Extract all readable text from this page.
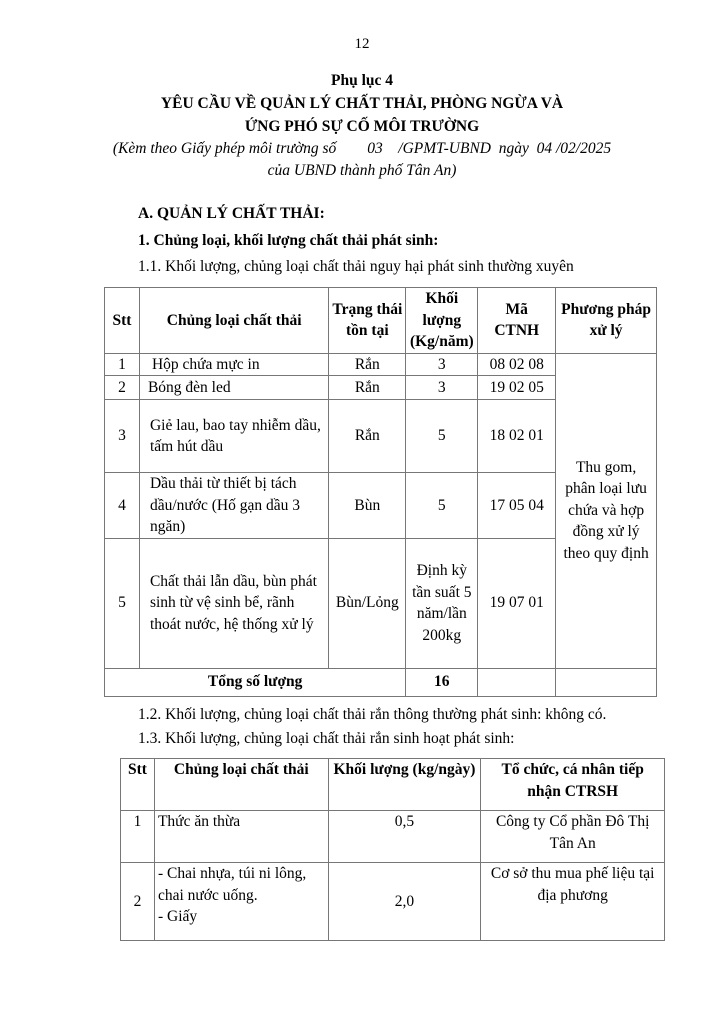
12
Phụ lục 4
YÊU CẦU VỀ QUẢN LÝ CHẤT THẢI, PHÒNG NGỪA VÀ
ỨNG PHÓ SỰ CỐ MÔI TRƯỜNG
(Kèm theo Giấy phép môi trường số        03    /GPMT-UBND  ngày  04 /02/2025
của UBND thành phố Tân An)
A. QUẢN LÝ CHẤT THẢI:
1. Chủng loại, khối lượng chất thải phát sinh:
1.1. Khối lượng, chủng loại chất thải nguy hại phát sinh thường xuyên
Stt	Chủng loại chất thải	Trạng thái tồn tại	Khối lượng (Kg/năm)	Mã CTNH	Phương pháp xử lý
1	Hộp chứa mực in	Rắn	3	08 02 08	Thu gom, phân loại lưu chứa và hợp đồng xử lý theo quy định
2	Bóng đèn led	Rắn	3	19 02 05	
3	Giẻ lau, bao tay nhiễm dầu, tấm hút dầu	Rắn	5	18 02 01	
4	Dầu thải từ thiết bị tách dầu/nước (Hố gạn dầu 3 ngăn)	Bùn	5	17 05 04	
5	Chất thải lẫn dầu, bùn phát sinh từ vệ sinh bể, rãnh thoát nước, hệ thống xử lý	Bùn/Lỏng	Định kỳ tần suất 5 năm/lần 200kg	19 07 01	
Tổng số lượng			16		
1.2. Khối lượng, chủng loại chất thải rắn thông thường phát sinh: không có.
1.3. Khối lượng, chủng loại chất thải rắn sinh hoạt phát sinh:
Stt	Chủng loại chất thải	Khối lượng (kg/ngày)	Tổ chức, cá nhân tiếp nhận CTRSH
1	Thức ăn thừa	0,5	Công ty Cổ phần Đô Thị Tân An
2	- Chai nhựa, túi ni lông, chai nước uống.
- Giấy	2,0	Cơ sở thu mua phế liệu tại địa phương
